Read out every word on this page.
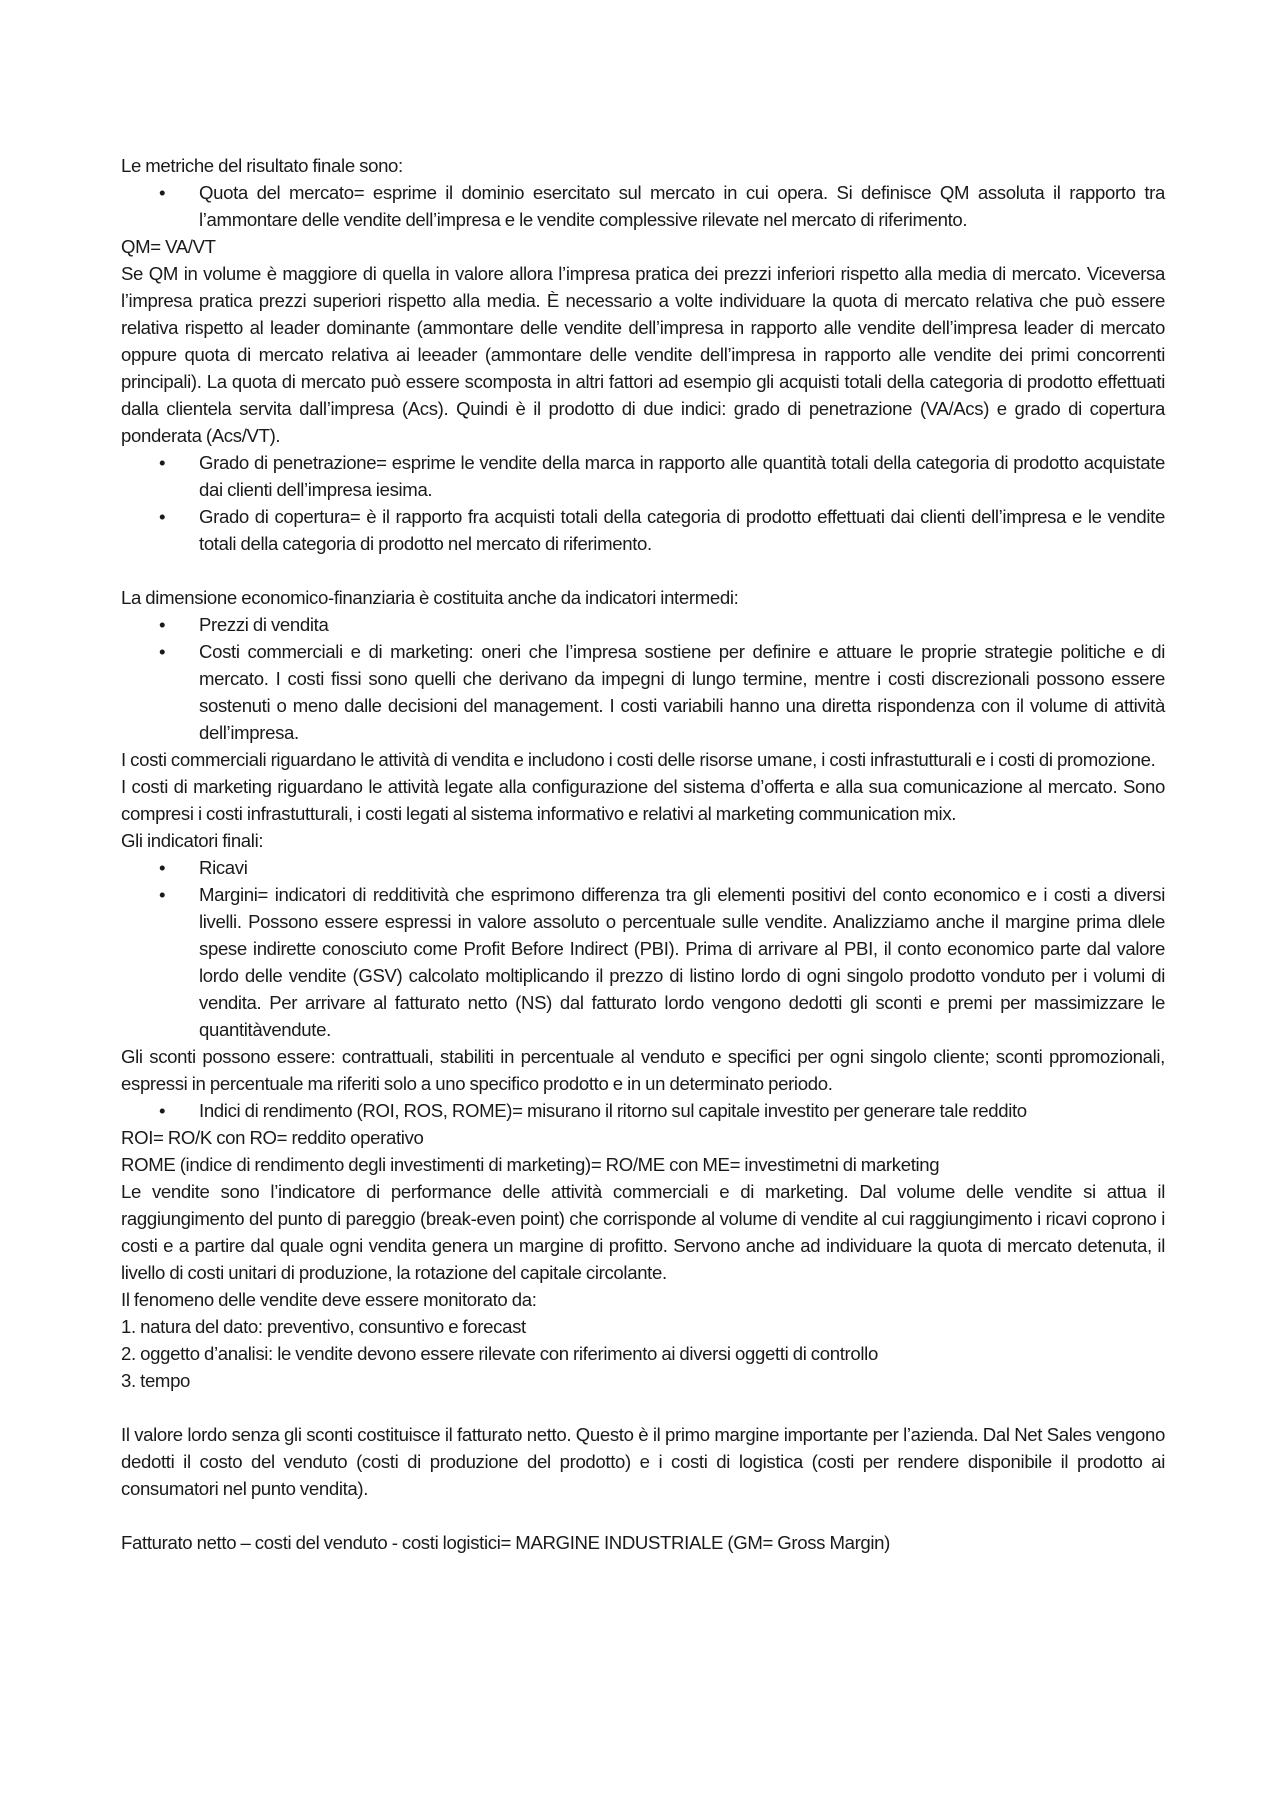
Le metriche del risultato finale sono:

• Quota del mercato= esprime il dominio esercitato sul mercato in cui opera. Si definisce QM assoluta il rapporto tra l’ammontare delle vendite dell’impresa e le vendite complessive rilevate nel mercato di riferimento.

QM= VA/VT

Se QM in volume è maggiore di quella in valore allora l’impresa pratica dei prezzi inferiori rispetto alla media di mercato. Viceversa l’impresa pratica prezzi superiori rispetto alla media. È necessario a volte individuare la quota di mercato relativa che può essere relativa rispetto al leader dominante (ammontare delle vendite dell’impresa in rapporto alle vendite dell’impresa leader di mercato oppure quota di mercato relativa ai leeader (ammontare delle vendite dell’impresa in rapporto alle vendite dei primi concorrenti principali). La quota di mercato può essere scomposta in altri fattori ad esempio gli acquisti totali della categoria di prodotto effettuati dalla clientela servita dall’impresa (Acs). Quindi è il prodotto di due indici: grado di penetrazione (VA/Acs) e grado di copertura ponderata (Acs/VT).

• Grado di penetrazione= esprime le vendite della marca in rapporto alle quantità totali della categoria di prodotto acquistate dai clienti dell’impresa iesima.
• Grado di copertura= è il rapporto fra acquisti totali della categoria di prodotto effettuati dai clienti dell’impresa e le vendite totali della categoria di prodotto nel mercato di riferimento.

La dimensione economico-finanziaria è costituita anche da indicatori intermedi:

• Prezzi di vendita
• Costi commerciali e di marketing: oneri che l’impresa sostiene per definire e attuare le proprie strategie politiche e di mercato. I costi fissi sono quelli che derivano da impegni di lungo termine, mentre i costi discrezionali possono essere sostenuti o meno dalle decisioni del management. I costi variabili hanno una diretta rispondenza con il volume di attività dell’impresa.

I costi commerciali riguardano le attività di vendita e includono i costi delle risorse umane, i costi infrastutturali e i costi di promozione.

I costi di marketing riguardano le attività legate alla configurazione del sistema d’offerta e alla sua comunicazione al mercato. Sono compresi i costi infrastutturali, i costi legati al sistema informativo e relativi al marketing communication mix.

Gli indicatori finali:

• Ricavi
• Margini= indicatori di redditività che esprimono differenza tra gli elementi positivi del conto economico e i costi a diversi livelli. Possono essere espressi in valore assoluto o percentuale sulle vendite. Analizziamo anche il margine prima dlele spese indirette conosciuto come Profit Before Indirect (PBI). Prima di arrivare al PBI, il conto economico parte dal valore lordo delle vendite (GSV) calcolato moltiplicando il prezzo di listino lordo di ogni singolo prodotto vonduto per i volumi di vendita. Per arrivare al fatturato netto (NS) dal fatturato lordo vengono dedotti gli sconti e premi per massimizzare le quantitàvendute.

Gli sconti possono essere: contrattuali, stabiliti in percentuale al venduto e specifici per ogni singolo cliente; sconti ppromozionali, espressi in percentuale ma riferiti solo a uno specifico prodotto e in un determinato periodo.

• Indici di rendimento (ROI, ROS, ROME)= misurano il ritorno sul capitale investito per generare tale reddito

ROI= RO/K con RO= reddito operativo

ROME (indice di rendimento degli investimenti di marketing)= RO/ME con ME= investimetni di marketing

Le vendite sono l’indicatore di performance delle attività commerciali e di marketing. Dal volume delle vendite si attua il raggiungimento del punto di pareggio (break-even point) che corrisponde al volume di vendite al cui raggiungimento i ricavi coprono i costi e a partire dal quale ogni vendita genera un margine di profitto. Servono anche ad individuare la quota di mercato detenuta, il livello di costi unitari di produzione, la rotazione del capitale circolante.

Il fenomeno delle vendite deve essere monitorato da:

1. natura del dato: preventivo, consuntivo e forecast

2. oggetto d’analisi: le vendite devono essere rilevate con riferimento ai diversi oggetti di controllo

3. tempo

Il valore lordo senza gli sconti costituisce il fatturato netto. Questo è il primo margine importante per l’azienda. Dal Net Sales vengono dedotti il costo del venduto (costi di produzione del prodotto) e i costi di logistica (costi per rendere disponibile il prodotto ai consumatori nel punto vendita).

Fatturato netto – costi del venduto - costi logistici= MARGINE INDUSTRIALE (GM= Gross Margin)
